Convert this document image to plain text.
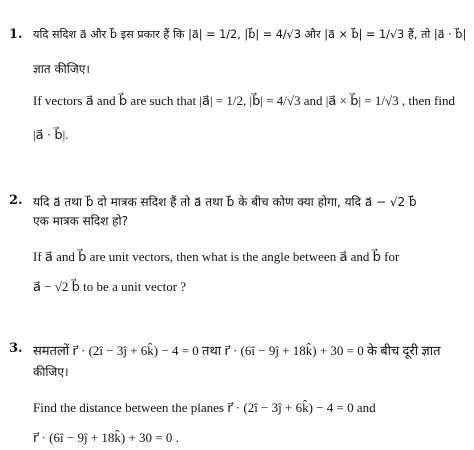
1. यदि सदिश a⃗ और b⃗ इस प्रकार हैं कि |a⃗| = 1/2, |b⃗| = 4/√3 और |a⃗ × b⃗| = 1/√3 हैं, तो |a⃗ · b⃗|
ज्ञात कीजिए।
If vectors a⃗ and b⃗ are such that |a⃗| = 1/2, |b⃗| = 4/√3 and |a⃗ × b⃗| = 1/√3 , then find
|a⃗ · b⃗|.
2. यदि a⃗ तथा b⃗ दो मात्रक सदिश हैं तो a⃗ तथा b⃗ के बीच कोण क्या होगा, यदि a⃗ − √2 b⃗
एक मात्रक सदिश हो?
If a⃗ and b⃗ are unit vectors, then what is the angle between a⃗ and b⃗ for
a⃗ − √2 b⃗ to be a unit vector ?
3. समतलों r⃗ · (2î − 3ĵ + 6k̂) − 4 = 0 तथा r⃗ · (6î − 9ĵ + 18k̂) + 30 = 0 के बीच दूरी ज्ञात
कीजिए।
Find the distance between the planes r⃗ · (2î − 3ĵ + 6k̂) − 4 = 0 and
r⃗ · (6î − 9ĵ + 18k̂) + 30 = 0 .
